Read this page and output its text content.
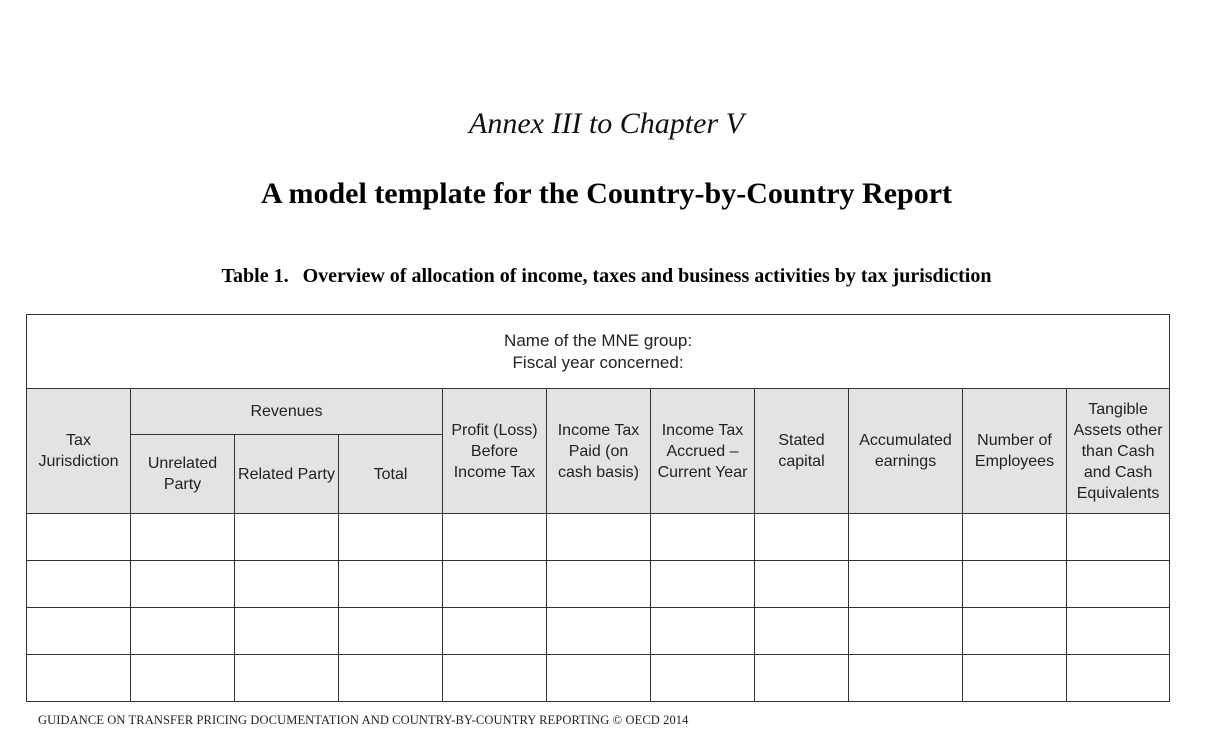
Annex III to Chapter V
A model template for the Country-by-Country Report
Table 1. Overview of allocation of income, taxes and business activities by tax jurisdiction
Name of the MNE group:
Fiscal year concerned:										

Tax Jurisdiction	Revenues			Profit (Loss) Before Income Tax	Income Tax Paid (on cash basis)	Income Tax Accrued – Current Year	Stated capital	Accumulated earnings	Number of Employees	Tangible Assets other than Cash and Cash Equivalents
	Unrelated Party	Related Party	Total							

GUIDANCE ON TRANSFER PRICING DOCUMENTATION AND COUNTRY-BY-COUNTRY REPORTING © OECD 2014
